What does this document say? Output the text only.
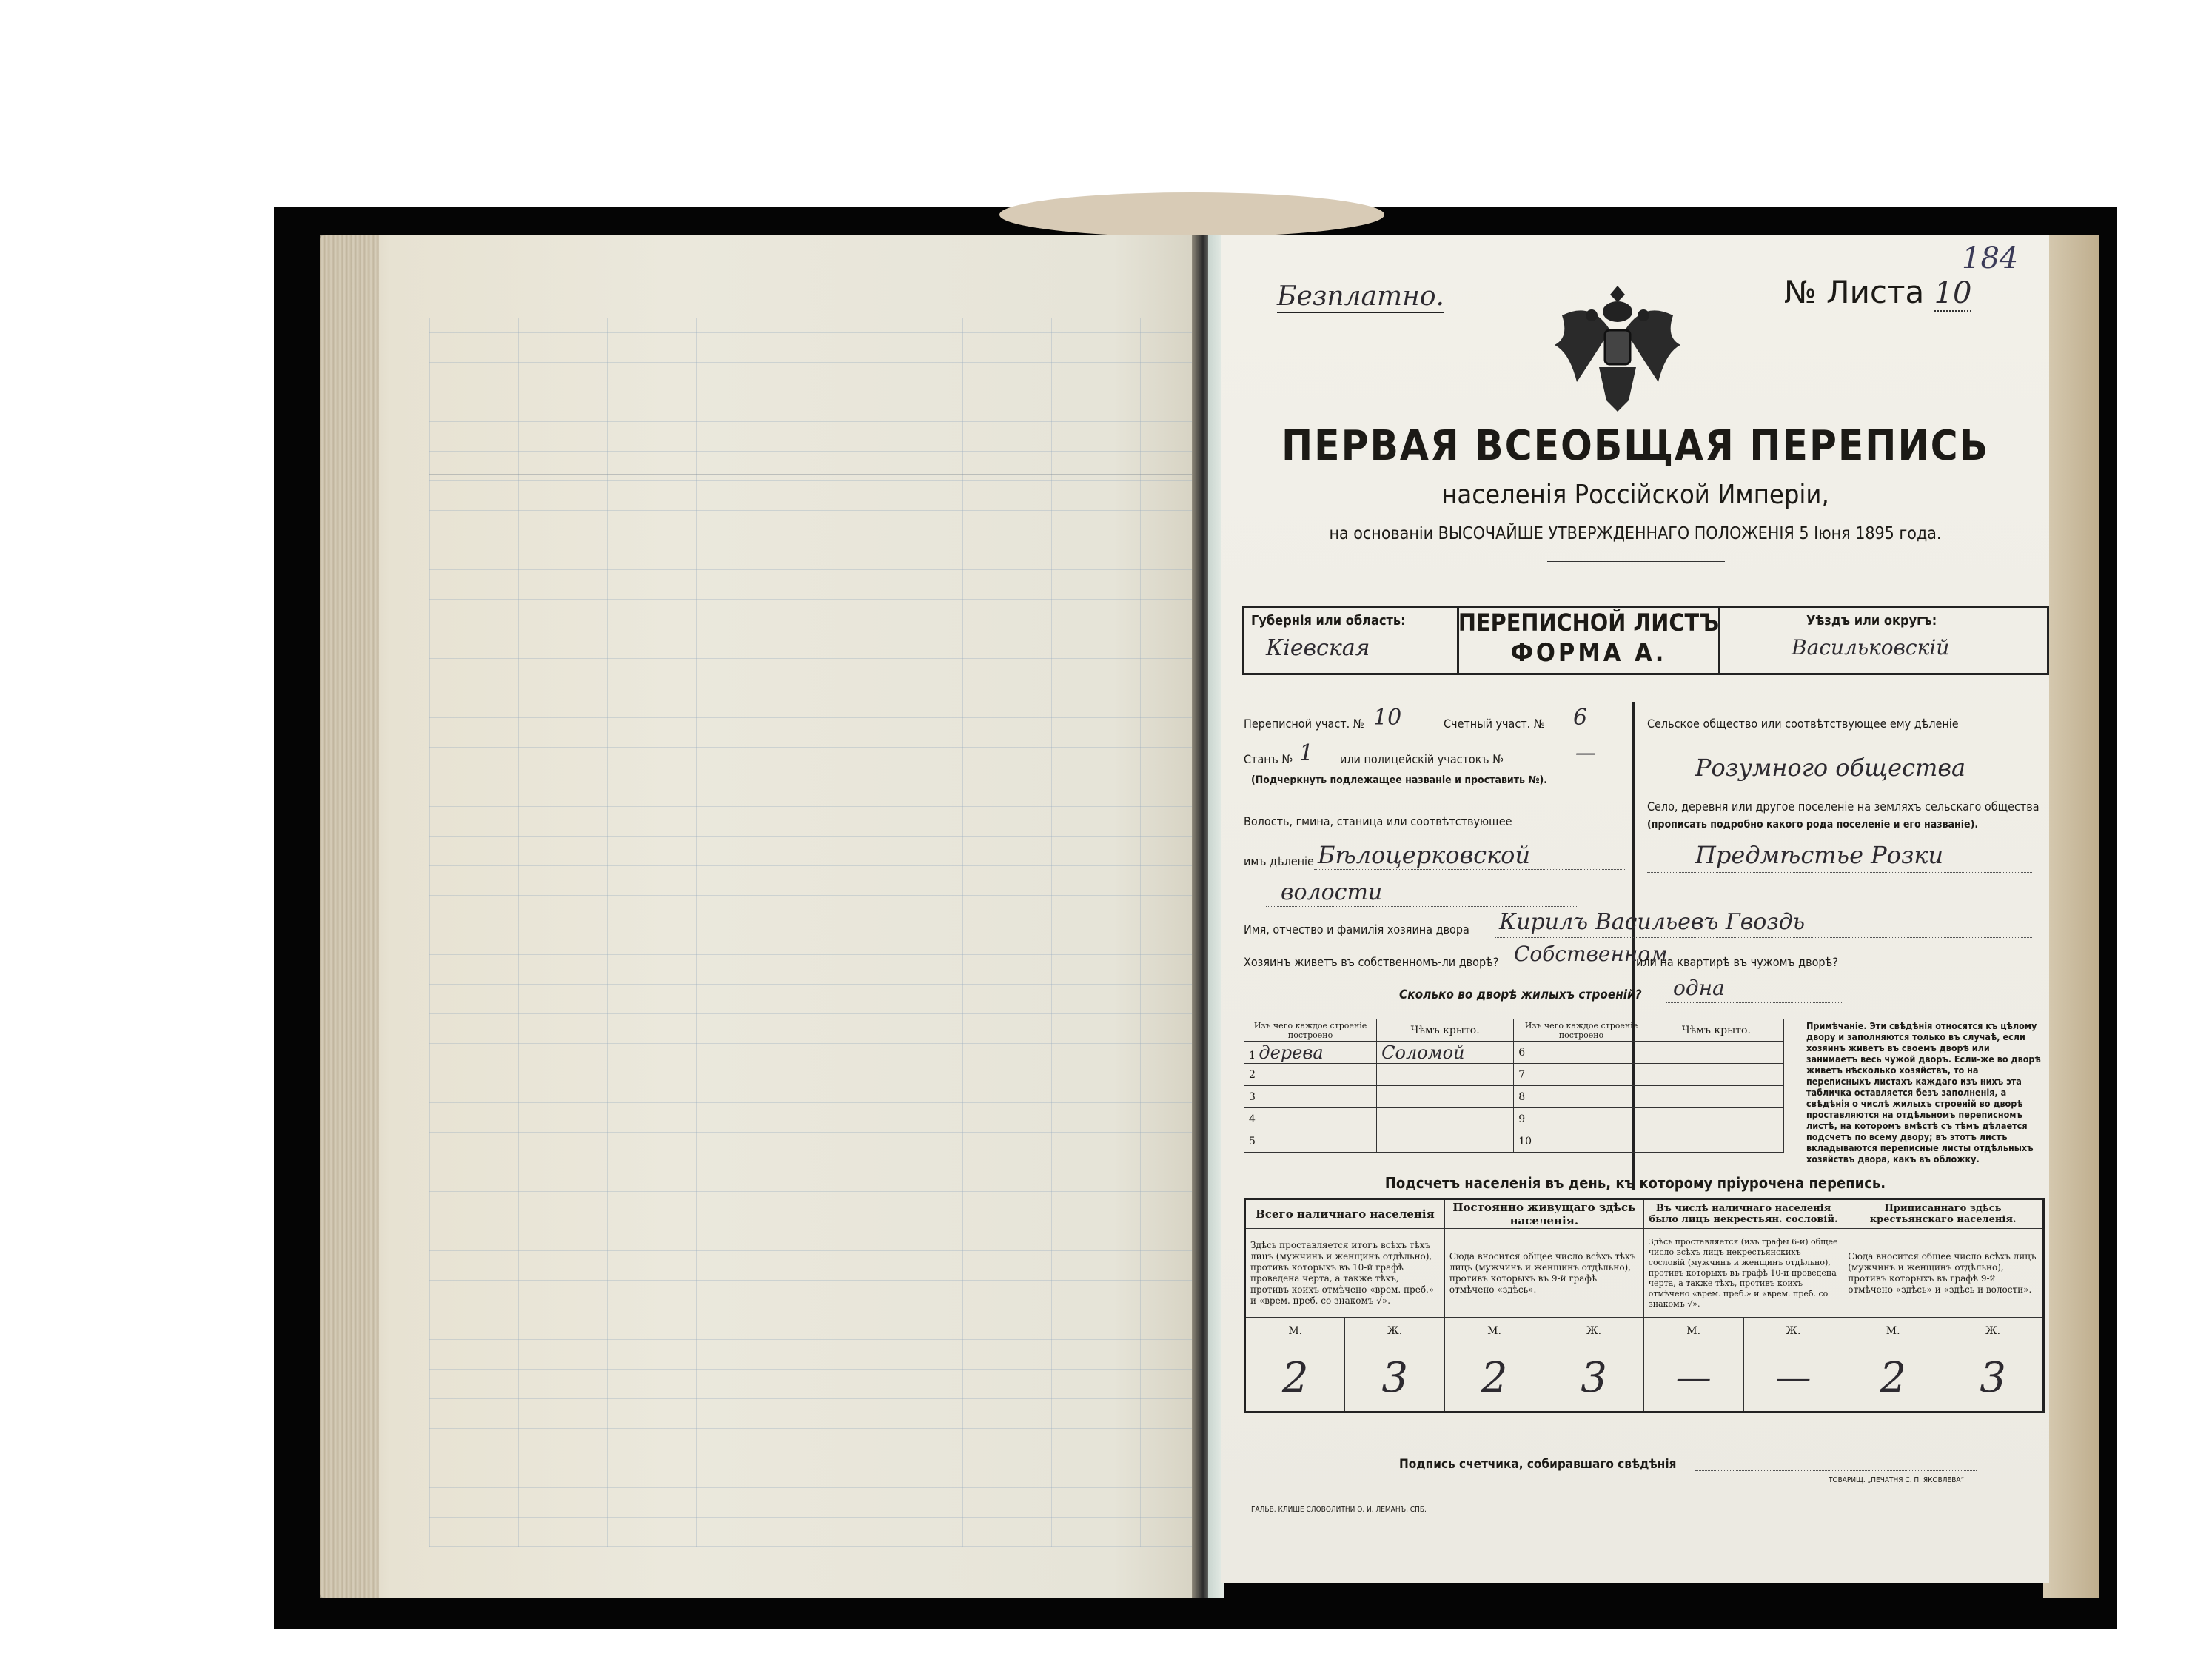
Безплатно.	№ Листа 10
184
ПЕРВАЯ ВСЕОБЩАЯ ПЕРЕПИСЬ
населенія Россійской Имперіи,
на основаніи ВЫСОЧАЙШЕ УТВЕРЖДЕННАГО ПОЛОЖЕНІЯ 5 Іюня 1895 года.
Губернія или область:
Кіевская
ПЕРЕПИСНОЙ ЛИСТЪ
ФОРМА А.
Уѣздъ или округъ:
Васильковскій
Переписной участ. № 10	Счетный участ. № 6
Станъ № 1 или полицейскій участокъ №	—
(Подчеркнуть подлежащее названіе и проставить №).
Волость, гмина, станица или соотвѣтствующее
имъ дѣленіе Бѣлоцерковской
волости
Сельское общество или соотвѣтствующее ему дѣленіе
Розумного общества
Село, деревня или другое поселеніе на земляхъ сельскаго общества
(прописать подробно какого рода поселеніе и его названіе).
Предмѣстье Розки
Имя, отчество и фамилія хозяина двора Кирилъ Васильевъ Гвоздь
Хозяинъ живетъ въ собственномъ-ли дворѣ? Собственном
или на квартирѣ въ чужомъ дворѣ?
Сколько во дворѣ жилыхъ строеній? одна
Изъ чего каждое строеніе построено	Чѣмъ крыто.	Изъ чего каждое строеніе построено	Чѣмъ крыто.
1 дерева	Соломой	6	
2		7	
3		8	
4		9	
5		10	
Примѣчаніе. Эти свѣдѣнія относятся къ цѣлому двору и заполняются только въ случаѣ, если хозяинъ живетъ въ своемъ дворѣ или занимаетъ весь чужой дворъ. Если-же во дворѣ живетъ нѣсколько хозяйствъ, то на переписныхъ листахъ каждаго изъ нихъ эта табличка оставляется безъ заполненія, а свѣдѣнія о числѣ жилыхъ строеній во дворѣ проставляются на отдѣльномъ переписномъ листѣ, на которомъ вмѣстѣ съ тѣмъ дѣлается подсчетъ по всему двору; въ этотъ листъ вкладываются переписные листы отдѣльныхъ хозяйствъ двора, какъ въ обложку.
Подсчетъ населенія въ день, къ которому пріурочена перепись.
Всего наличнаго населенія		Постоянно живущаго здѣсь населенія.		Въ числѣ наличнаго населенія было лицъ некрестьян. сословій.		Приписаннаго здѣсь крестьянскаго населенія.	
Здѣсь проставляется итогъ всѣхъ тѣхъ лицъ (мужчинъ и женщинъ отдѣльно), противъ которыхъ въ 10-й графѣ проведена черта, а также тѣхъ, противъ коихъ отмѣчено «врем. преб.» и «врем. преб. со знакомъ √».		Сюда вносится общее число всѣхъ тѣхъ лицъ (мужчинъ и женщинъ отдѣльно), противъ которыхъ въ 9-й графѣ отмѣчено «здѣсь».		Здѣсь проставляется (изъ графы 6-й) общее число всѣхъ лицъ некрестьянскихъ сословій (мужчинъ и женщинъ отдѣльно), противъ которыхъ въ графѣ 10-й проведена черта, а также тѣхъ, противъ коихъ отмѣчено «врем. преб.» и «врем. преб. со знакомъ √».		Сюда вносится общее число всѣхъ лицъ (мужчинъ и женщинъ отдѣльно), противъ которыхъ въ графѣ 9-й отмѣчено «здѣсь» и «здѣсь и волости».	
М.	Ж.	М.	Ж.	М.	Ж.	М.	Ж.
2	3	2	3	—	—	2	3
Подпись счетчика, собиравшаго свѣдѣнія
ГАЛЬВ. КЛИШЕ СЛОВОЛИТНИ О. И. ЛЕМАНЪ, СПБ.
ТОВАРИЩ. „ПЕЧАТНЯ С. П. ЯКОВЛЕВА“
